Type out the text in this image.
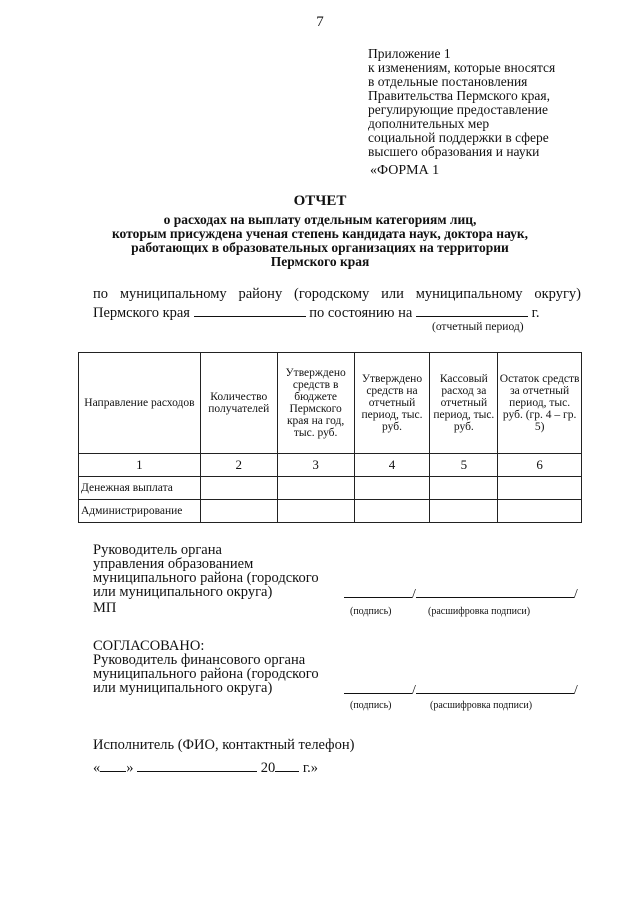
7
Приложение 1
к изменениям, которые вносятся
в отдельные постановления
Правительства Пермского края,
регулирующие предоставление
дополнительных мер
социальной поддержки в сфере
высшего образования и науки
«ФОРМА 1
ОТЧЕТ
о расходах на выплату отдельным категориям лиц,
которым присуждена ученая степень кандидата наук, доктора наук,
работающих в образовательных организациях на территории
Пермского края
по муниципальному району (городскому или муниципальному округу)
Пермского края	по состоянию на	г.
(отчетный период)
Направление расходов	Количество получателей	Утверждено средств в бюджете Пермского края на год, тыс. руб.	Утверждено средств на отчетный период, тыс. руб.	Кассовый расход за отчетный период, тыс. руб.	Остаток средств за отчетный период, тыс. руб. (гр. 4 – гр. 5)
1	2	3	4	5	6
Денежная выплата					
Администрирование					
Руководитель органа
управления образованием
муниципального района (городского
или муниципального округа)	/	/
МП	(подпись)	(расшифровка подписи)
СОГЛАСОВАНО:
Руководитель финансового органа
муниципального района (городского
или муниципального округа)	/	/
(подпись)	(расшифровка подписи)
Исполнитель (ФИО, контактный телефон)
« »	20 г.»
